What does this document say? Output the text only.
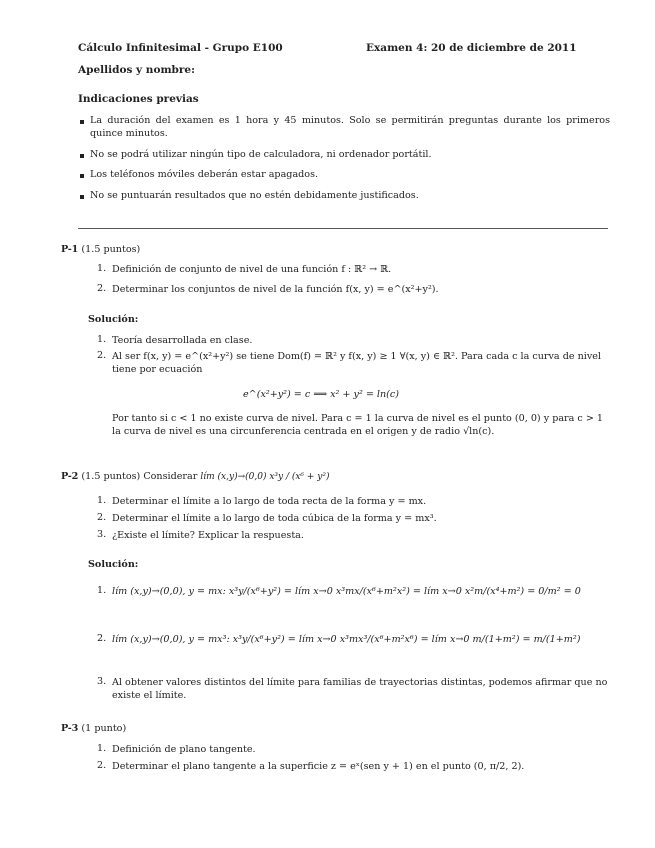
Cálculo Infinitesimal - Grupo E100	Examen 4: 20 de diciembre de 2011
Apellidos y nombre:
Indicaciones previas
La duración del examen es 1 hora y 45 minutos. Solo se permitirán preguntas durante los primeros quince minutos.
No se podrá utilizar ningún tipo de calculadora, ni ordenador portátil.
Los teléfonos móviles deberán estar apagados.
No se puntuarán resultados que no estén debidamente justificados.
P-1 (1.5 puntos)
1. Definición de conjunto de nivel de una función f : ℝ² → ℝ.
2. Determinar los conjuntos de nivel de la función f(x, y) = e^(x²+y²).
Solución:
1. Teoría desarrollada en clase.
2. Al ser f(x, y) = e^(x²+y²) se tiene Dom(f) = ℝ² y f(x, y) ≥ 1 ∀(x, y) ∈ ℝ². Para cada c la curva de nivel tiene por ecuación
e^(x²+y²) = c ⟹ x² + y² = ln(c)
Por tanto si c < 1 no existe curva de nivel. Para c = 1 la curva de nivel es el punto (0, 0) y para c > 1 la curva de nivel es una circunferencia centrada en el origen y de radio √ln(c).
P-2 (1.5 puntos) Considerar lím (x,y)→(0,0) x³y / (x⁶ + y²)
1. Determinar el límite a lo largo de toda recta de la forma y = mx.
2. Determinar el límite a lo largo de toda cúbica de la forma y = mx³.
3. ¿Existe el límite? Explicar la respuesta.
Solución:
1. lím (x,y)→(0,0), y = mx: x³y/(x⁶+y²) = lím x→0 x³mx/(x⁶+m²x²) = lím x→0 x²m/(x⁴+m²) = 0/m² = 0
2. lím (x,y)→(0,0), y = mx³: x³y/(x⁶+y²) = lím x→0 x³mx³/(x⁶+m²x⁶) = lím x→0 m/(1+m²) = m/(1+m²)
3. Al obtener valores distintos del límite para familias de trayectorias distintas, podemos afirmar que no existe el límite.
P-3 (1 punto)
1. Definición de plano tangente.
2. Determinar el plano tangente a la superficie z = eˣ(sen y + 1) en el punto (0, π/2, 2).
